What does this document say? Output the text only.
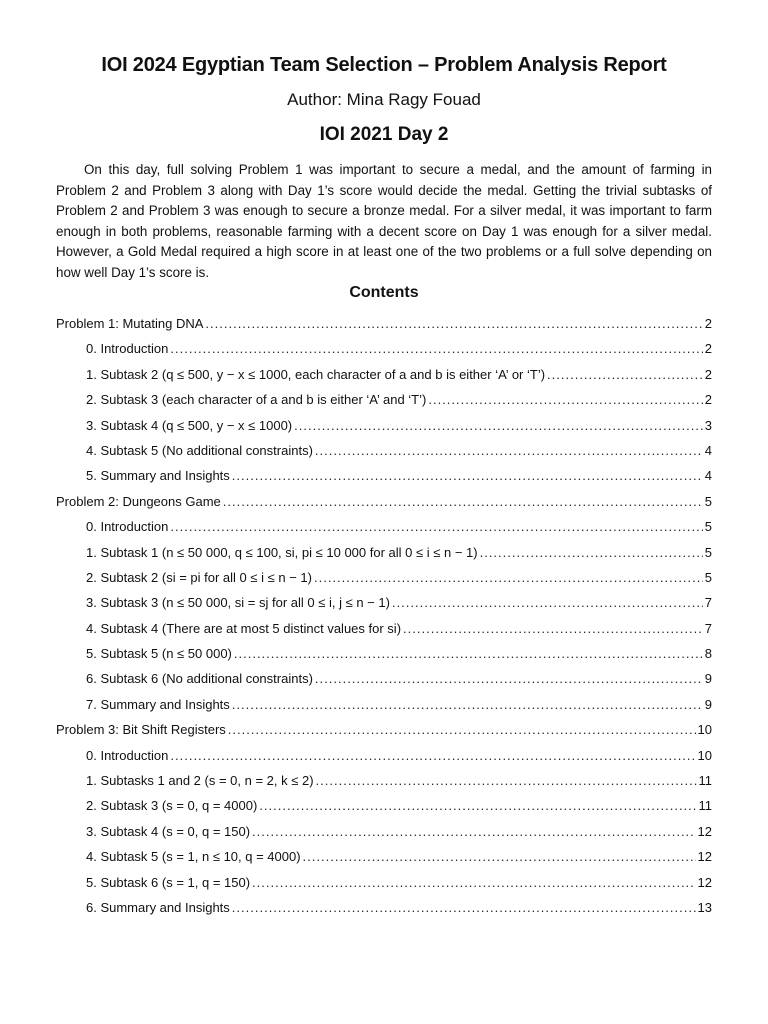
IOI 2024 Egyptian Team Selection – Problem Analysis Report
Author: Mina Ragy Fouad
IOI 2021 Day 2

On this day, full solving Problem 1 was important to secure a medal, and the amount of farming in Problem 2 and Problem 3 along with Day 1’s score would decide the medal. Getting the trivial subtasks of Problem 2 and Problem 3 was enough to secure a bronze medal. For a silver medal, it was important to farm enough in both problems, reasonable farming with a decent score on Day 1 was enough for a silver medal. However, a Gold Medal required a high score in at least one of the two problems or a full solve depending on how well Day 1’s score is.

Contents
Problem 1: Mutating DNA .....	2
0. Introduction .....	2
1. Subtask 2 (q ≤ 500, y − x ≤ 1000, each character of a and b is either ‘A’ or ‘T’) .....	2
2. Subtask 3 (each character of a and b is either ‘A’ and ‘T’) .....	2
3. Subtask 4 (q ≤ 500, y − x ≤ 1000) .....	3
4. Subtask 5 (No additional constraints) .....	4
5. Summary and Insights .....	4
Problem 2: Dungeons Game .....	5
0. Introduction .....	5
1. Subtask 1 (n ≤ 50 000, q ≤ 100, si, pi ≤ 10 000 for all 0 ≤ i ≤ n − 1) .....	5
2. Subtask 2 (si = pi for all 0 ≤ i ≤ n − 1) .....	5
3. Subtask 3 (n ≤ 50 000, si = sj for all 0 ≤ i, j ≤ n − 1) .....	7
4. Subtask 4 (There are at most 5 distinct values for si) .....	7
5. Subtask 5 (n ≤ 50 000) .....	8
6. Subtask 6 (No additional constraints) .....	9
7. Summary and Insights .....	9
Problem 3: Bit Shift Registers .....	10
0. Introduction .....	10
1. Subtasks 1 and 2 (s = 0, n = 2, k ≤ 2) .....	11
2. Subtask 3 (s = 0, q = 4000) .....	11
3. Subtask 4 (s = 0, q = 150) .....	12
4. Subtask 5 (s = 1, n ≤ 10, q = 4000) .....	12
5. Subtask 6 (s = 1, q = 150) .....	12
6. Summary and Insights .....	13
